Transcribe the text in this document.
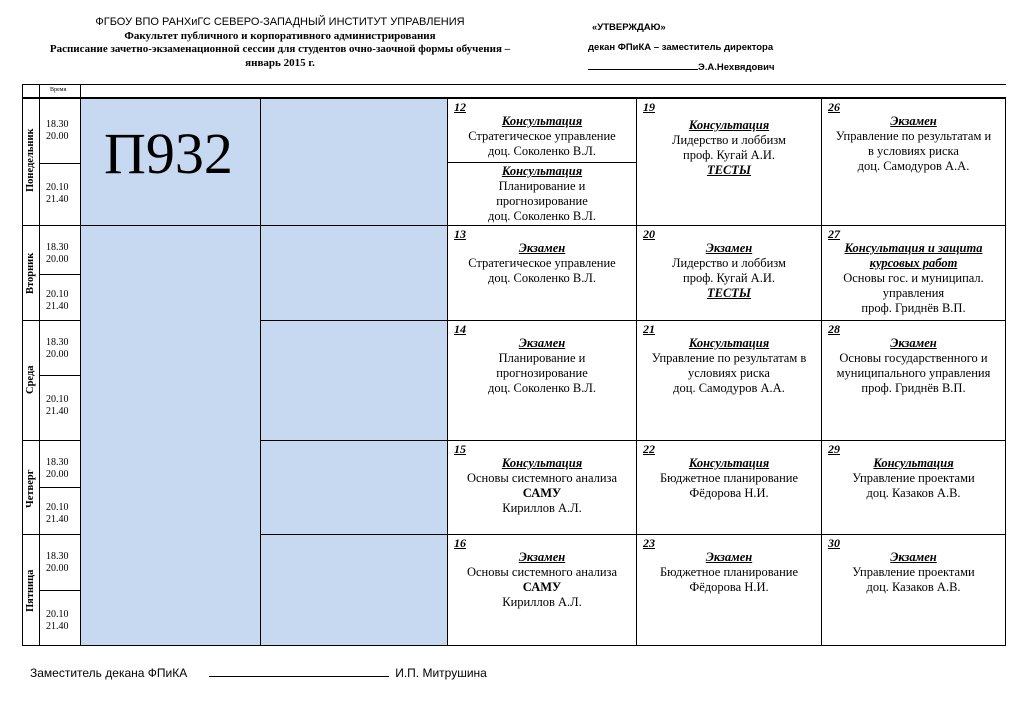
ФГБОУ ВПО РАНХиГС СЕВЕРО-ЗАПАДНЫЙ ИНСТИТУТ УПРАВЛЕНИЯ
Факультет публичного и корпоративного администрирования
Расписание зачетно-экзаменационной сессии для студентов очно-заочной формы обучения –
январь 2015 г.
«УТВЕРЖДАЮ»
декан ФПиКА – заместитель директора
Э.А.Нехвядович
Время
П932
Понедельник
18.30
20.00
20.10
21.40
Вторник
18.30
20.00
20.10
21.40
Среда
18.30
20.00
20.10
21.40
Четверг
18.30
20.00
20.10
21.40
Пятница
18.30
20.00
20.10
21.40
12
Консультация
Стратегическое управление
доц. Соколенко В.Л.
Консультация
Планирование и
прогнозирование
доц. Соколенко В.Л.
19
Консультация
Лидерство и лоббизм
проф. Кугай А.И.
ТЕСТЫ
26
Экзамен
Управление по результатам и
в условиях риска
доц. Самодуров А.А.
13
Экзамен
Стратегическое управление
доц. Соколенко В.Л.
20
Экзамен
Лидерство и лоббизм
проф. Кугай А.И.
ТЕСТЫ
27
Консультация и защита
курсовых работ
Основы гос. и муниципал.
управления
проф. Гриднёв В.П.
14
Экзамен
Планирование и
прогнозирование
доц. Соколенко В.Л.
21
Консультация
Управление по результатам в
условиях риска
доц. Самодуров А.А.
28
Экзамен
Основы государственного и
муниципального управления
проф. Гриднёв В.П.
15
Консультация
Основы системного анализа
САМУ
Кириллов А.Л.
22
Консультация
Бюджетное планирование
Фёдорова Н.И.
29
Консультация
Управление проектами
доц. Казаков А.В.
16
Экзамен
Основы системного анализа
САМУ
Кириллов А.Л.
23
Экзамен
Бюджетное планирование
Фёдорова Н.И.
30
Экзамен
Управление проектами
доц. Казаков А.В.
Заместитель декана ФПиКА	И.П. Митрушина
